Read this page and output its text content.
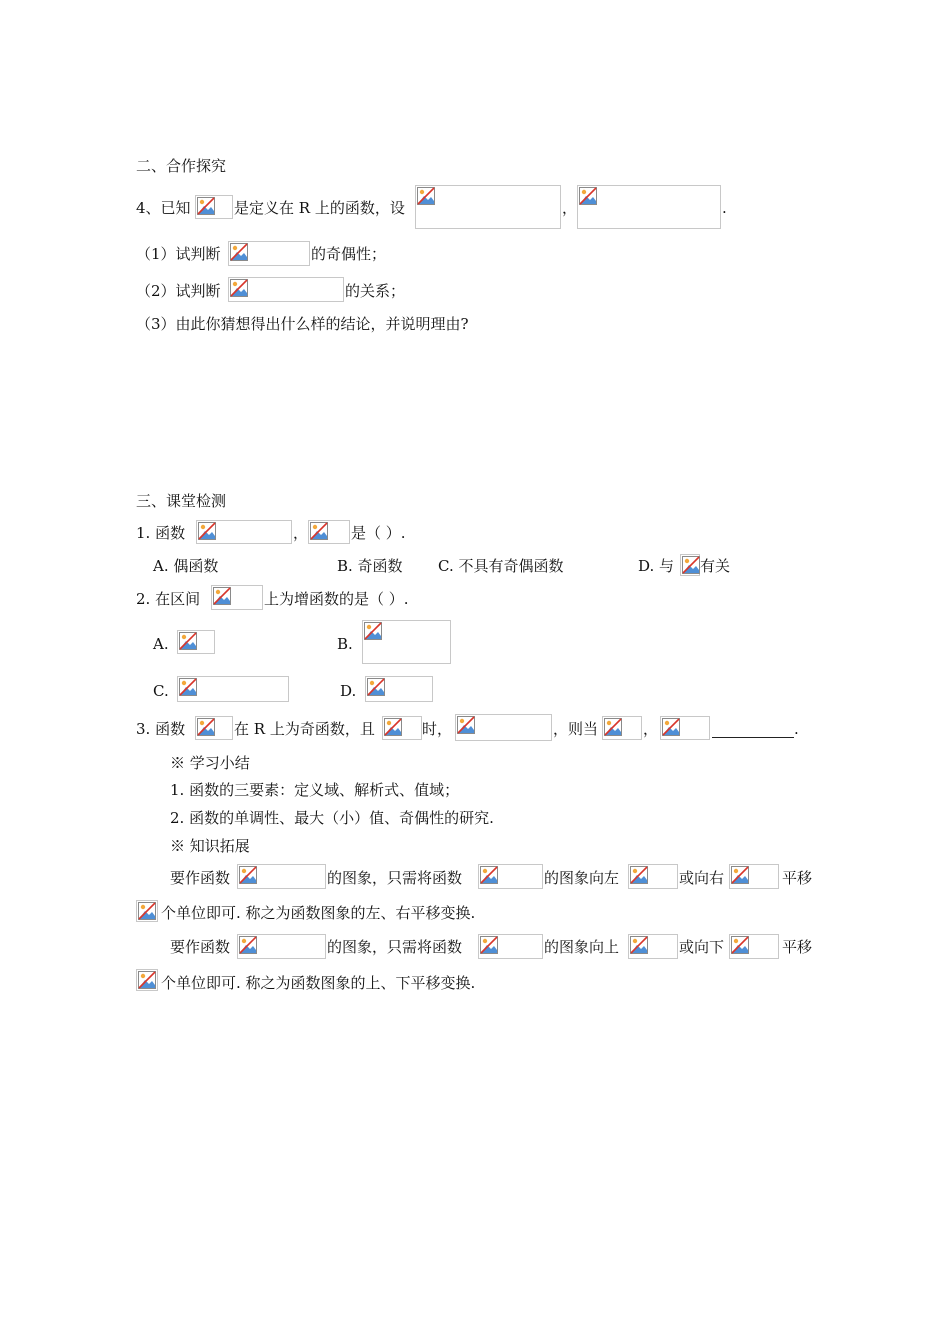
二、合作探究
4、已知	是定义在 R 上的函数，设	，	.
（1）试判断	的奇偶性；
（2）试判断	的关系；
（3）由此你猜想得出什么样的结论，并说明理由?
三、课堂检测
1. 函数	，	是（ ）.
A. 偶函数	B. 奇函数 C. 不具有奇偶函数	D. 与 有关
2. 在区间	上为增函数的是（ ）.
A.	B.
C.	D.
3. 函数	在 R 上为奇函数，且	时，	，则当	，	.
※ 学习小结
1. 函数的三要素：定义域、解析式、值域；
2. 函数的单调性、最大（小）值、奇偶性的研究.
※ 知识拓展
要作函数	的图象，只需将函数	的图象向左	或向右	平移
个单位即可. 称之为函数图象的左、右平移变换.
要作函数	的图象，只需将函数	的图象向上	或向下	平移
个单位即可. 称之为函数图象的上、下平移变换.
